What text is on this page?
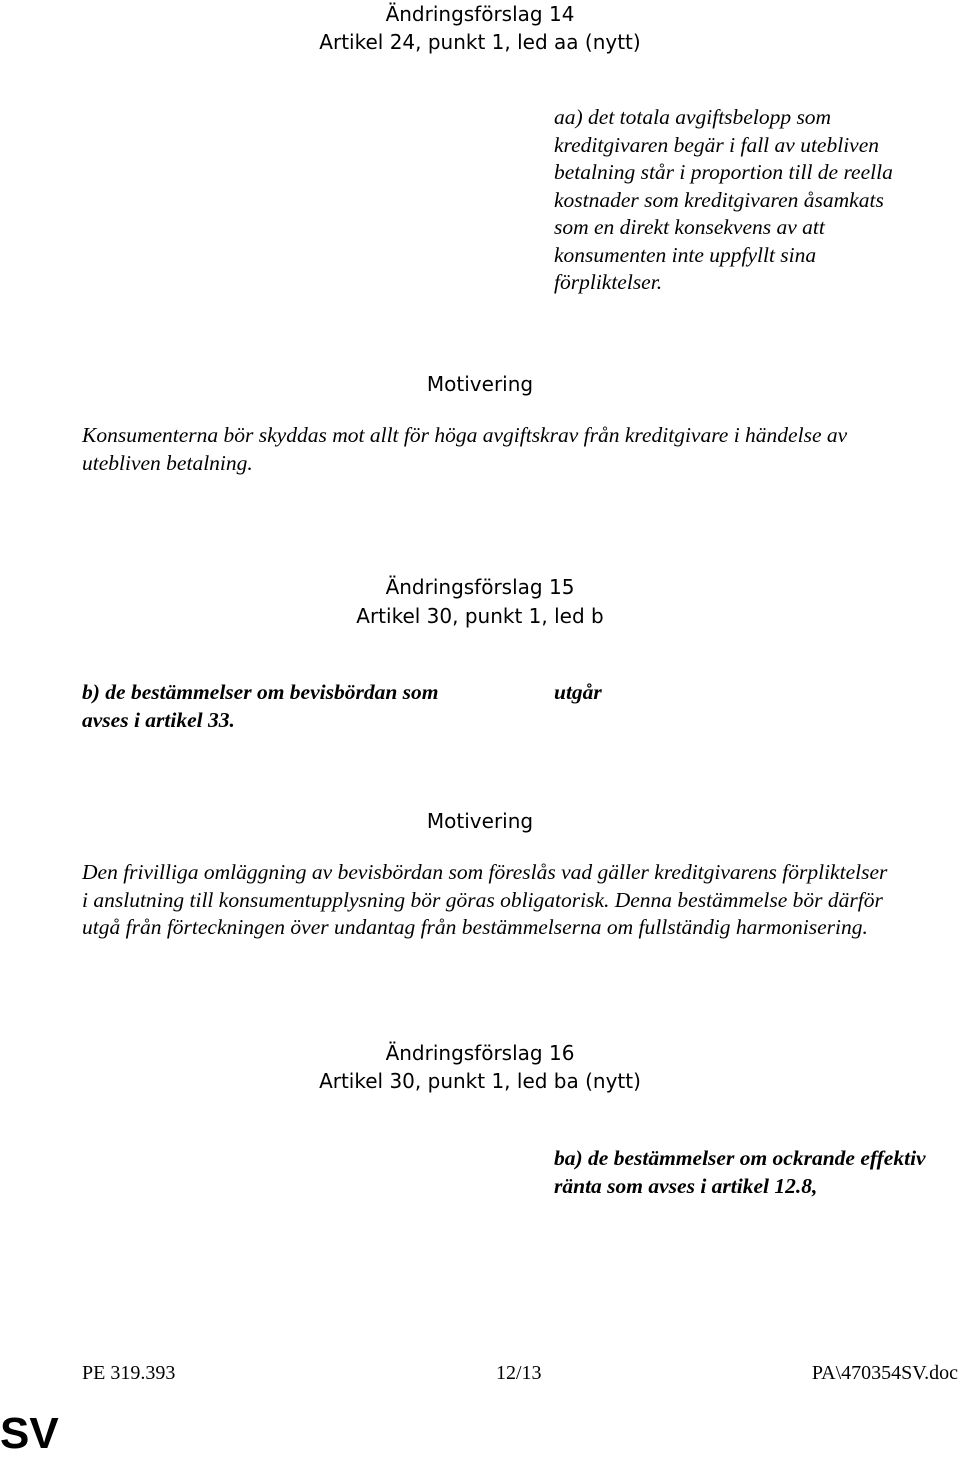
Ändringsförslag 14
Artikel 24, punkt 1, led aa (nytt)
aa) det totala avgiftsbelopp som
kreditgivaren begär i fall av utebliven
betalning står i proportion till de reella
kostnader som kreditgivaren åsamkats
som en direkt konsekvens av att
konsumenten inte uppfyllt sina
förpliktelser.
Motivering
Konsumenterna bör skyddas mot allt för höga avgiftskrav från kreditgivare i händelse av
utebliven betalning.
Ändringsförslag 15
Artikel 30, punkt 1, led b
b) de bestämmelser om bevisbördan som
avses i artikel 33.
utgår
Motivering
Den frivilliga omläggning av bevisbördan som föreslås vad gäller kreditgivarens förpliktelser
i anslutning till konsumentupplysning bör göras obligatorisk. Denna bestämmelse bör därför
utgå från förteckningen över undantag från bestämmelserna om fullständig harmonisering.
Ändringsförslag 16
Artikel 30, punkt 1, led ba (nytt)
ba) de bestämmelser om ockrande effektiv
ränta som avses i artikel 12.8,
PE 319.393	12/13	PA\470354SV.doc
SV
